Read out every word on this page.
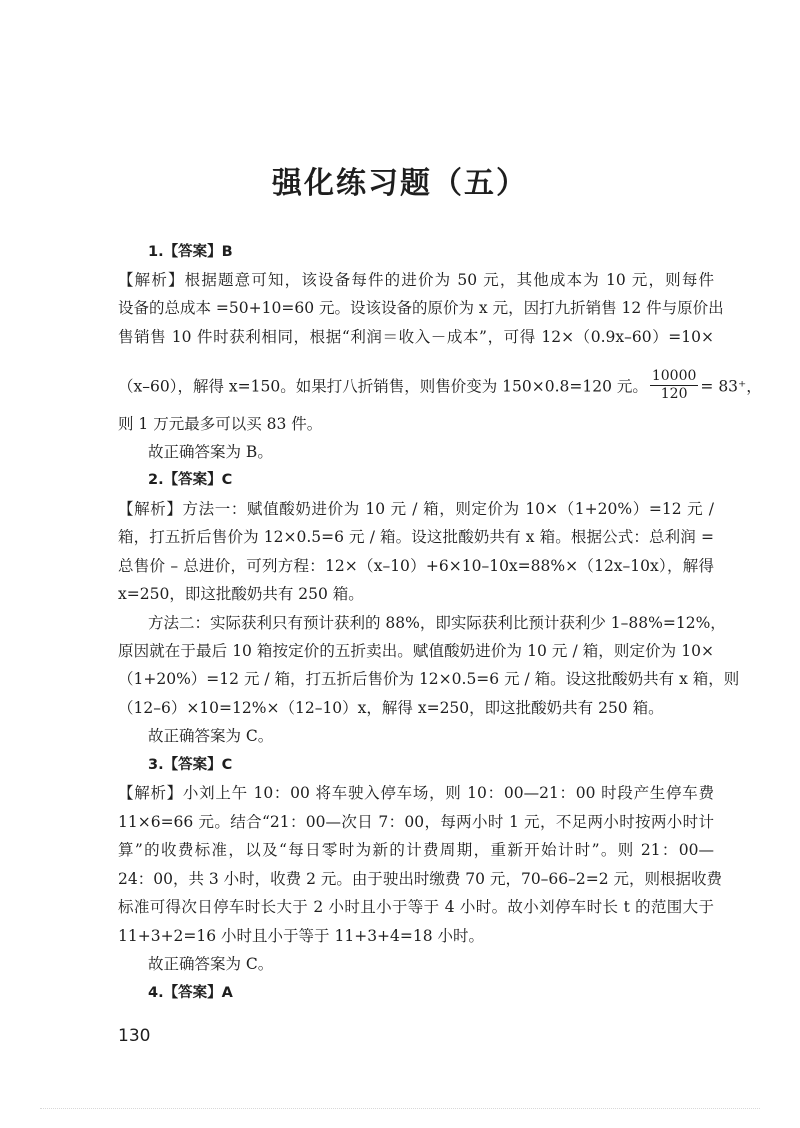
强化练习题（五）
1.【答案】B
【解析】根据题意可知，该设备每件的进价为 50 元，其他成本为 10 元，则每件
设备的总成本 =50+10=60 元。设该设备的原价为 x 元，因打九折销售 12 件与原价出
售销售 10 件时获利相同，根据“利润＝收入－成本”，可得 12×（0.9x–60）=10×
（x–60），解得 x=150。如果打八折销售，则售价变为 150×0.8=120 元。 $\frac{10000}{120} = 83^+$，
则 1 万元最多可以买 83 件。
故正确答案为 B。
2.【答案】C
【解析】方法一：赋值酸奶进价为 10 元 / 箱，则定价为 10×（1+20%）=12 元 /
箱，打五折后售价为 12×0.5=6 元 / 箱。设这批酸奶共有 x 箱。根据公式：总利润 =
总售价 – 总进价，可列方程：12×（x–10）+6×10–10x=88%×（12x–10x），解得
x=250，即这批酸奶共有 250 箱。
方法二：实际获利只有预计获利的 88%，即实际获利比预计获利少 1–88%=12%，
原因就在于最后 10 箱按定价的五折卖出。赋值酸奶进价为 10 元 / 箱，则定价为 10×
（1+20%）=12 元 / 箱，打五折后售价为 12×0.5=6 元 / 箱。设这批酸奶共有 x 箱，则
（12–6）×10=12%×（12–10）x，解得 x=250，即这批酸奶共有 250 箱。
故正确答案为 C。
3.【答案】C
【解析】小刘上午 10：00 将车驶入停车场，则 10：00—21：00 时段产生停车费
11×6=66 元。结合“21：00—次日 7：00，每两小时 1 元，不足两小时按两小时计
算”的收费标准，以及“每日零时为新的计费周期，重新开始计时”。则 21：00—
24：00，共 3 小时，收费 2 元。由于驶出时缴费 70 元，70–66–2=2 元，则根据收费
标准可得次日停车时长大于 2 小时且小于等于 4 小时。故小刘停车时长 t 的范围大于
11+3+2=16 小时且小于等于 11+3+4=18 小时。
故正确答案为 C。
4.【答案】A
130
